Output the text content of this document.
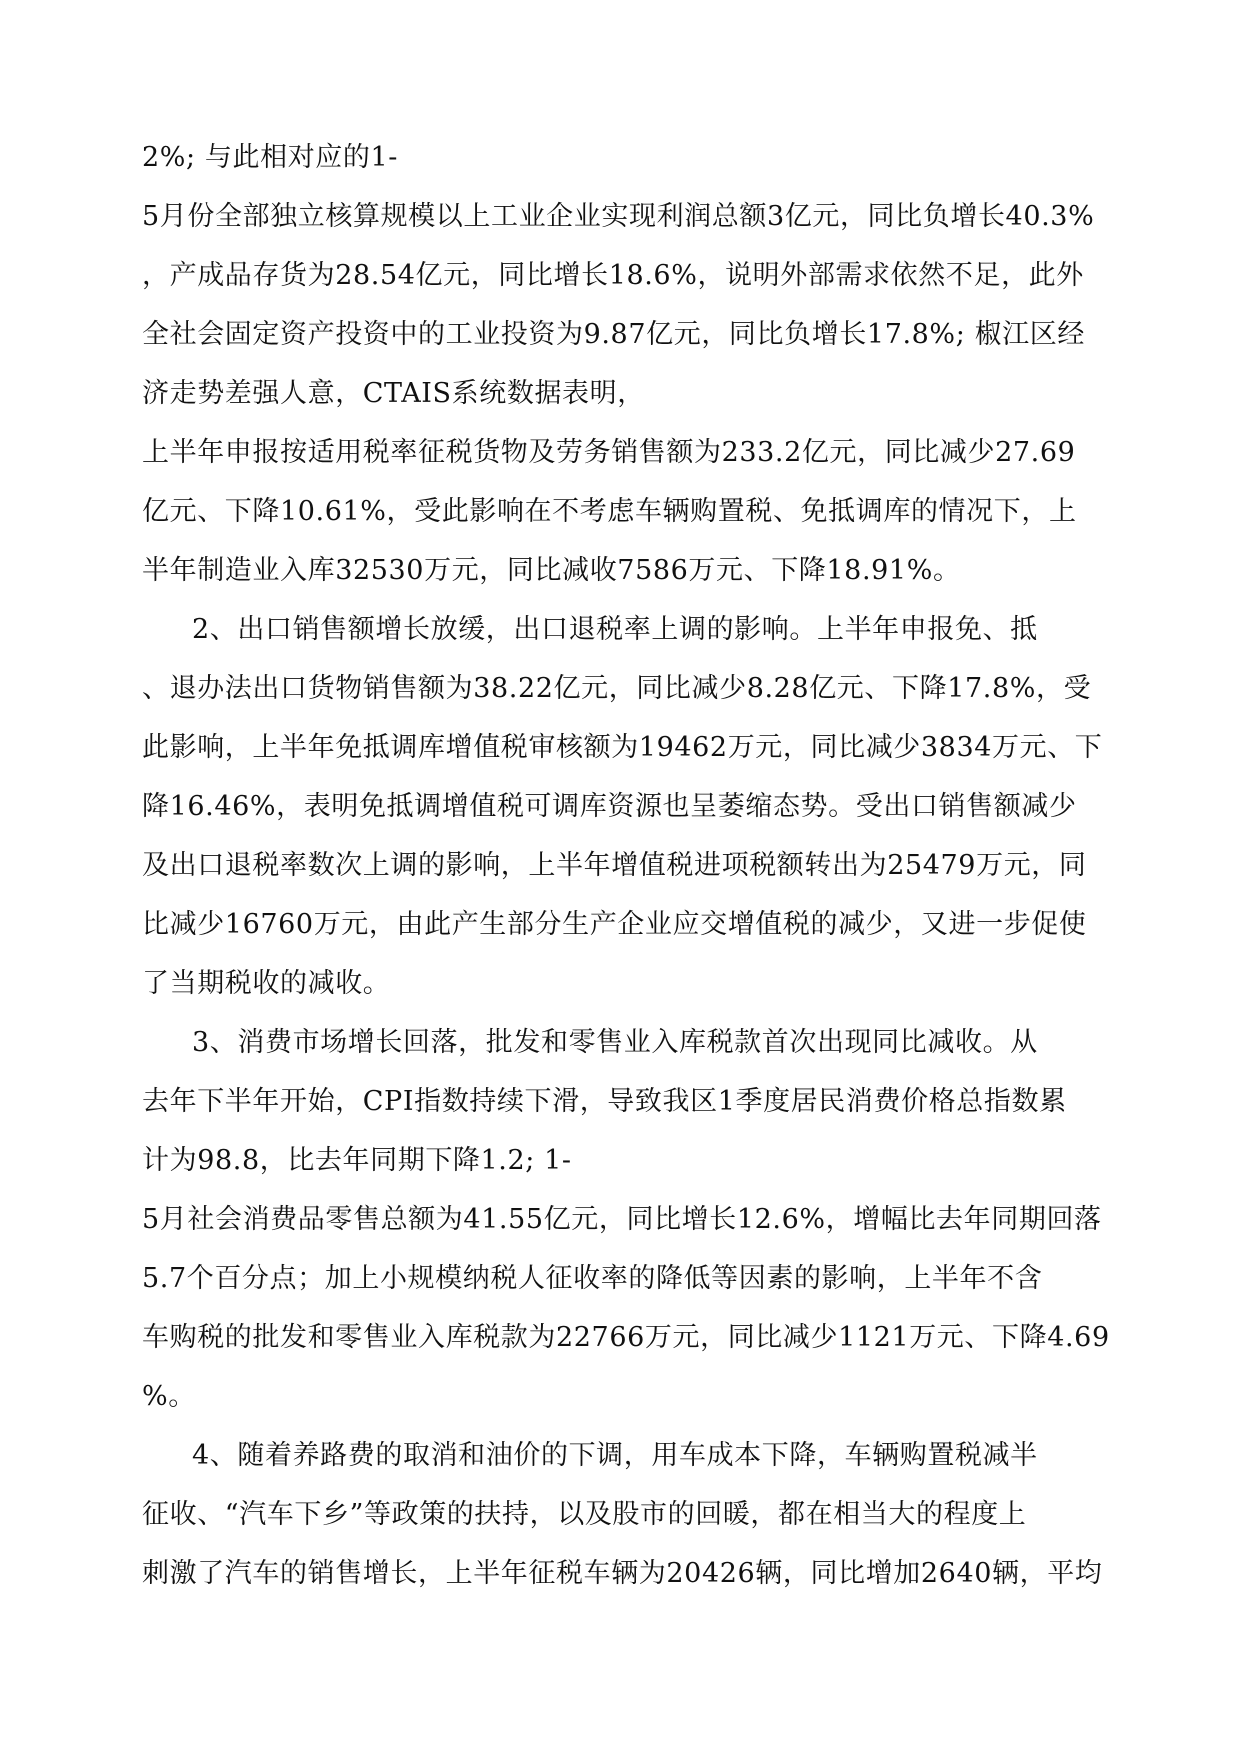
2%; 与此相对应的1-
5月份全部独立核算规模以上工业企业实现利润总额3亿元，同比负增长40.3%
，产成品存货为28.54亿元，同比增长18.6%，说明外部需求依然不足，此外
全社会固定资产投资中的工业投资为9.87亿元，同比负增长17.8%; 椒江区经
济走势差强人意，CTAIS系统数据表明，
上半年申报按适用税率征税货物及劳务销售额为233.2亿元，同比减少27.69
亿元、下降10.61%，受此影响在不考虑车辆购置税、免抵调库的情况下，上
半年制造业入库32530万元，同比减收7586万元、下降18.91%。
2、出口销售额增长放缓，出口退税率上调的影响。上半年申报免、抵
、退办法出口货物销售额为38.22亿元，同比减少8.28亿元、下降17.8%，受
此影响，上半年免抵调库增值税审核额为19462万元，同比减少3834万元、下
降16.46%，表明免抵调增值税可调库资源也呈萎缩态势。受出口销售额减少
及出口退税率数次上调的影响，上半年增值税进项税额转出为25479万元，同
比减少16760万元，由此产生部分生产企业应交增值税的减少，又进一步促使
了当期税收的减收。
3、消费市场增长回落，批发和零售业入库税款首次出现同比减收。从
去年下半年开始，CPI指数持续下滑，导致我区1季度居民消费价格总指数累
计为98.8，比去年同期下降1.2; 1-
5月社会消费品零售总额为41.55亿元，同比增长12.6%，增幅比去年同期回落
5.7个百分点；加上小规模纳税人征收率的降低等因素的影响，上半年不含
车购税的批发和零售业入库税款为22766万元，同比减少1121万元、下降4.69
%。
4、随着养路费的取消和油价的下调，用车成本下降，车辆购置税减半
征收、“汽车下乡”等政策的扶持，以及股市的回暖，都在相当大的程度上
刺激了汽车的销售增长，上半年征税车辆为20426辆，同比增加2640辆，平均
